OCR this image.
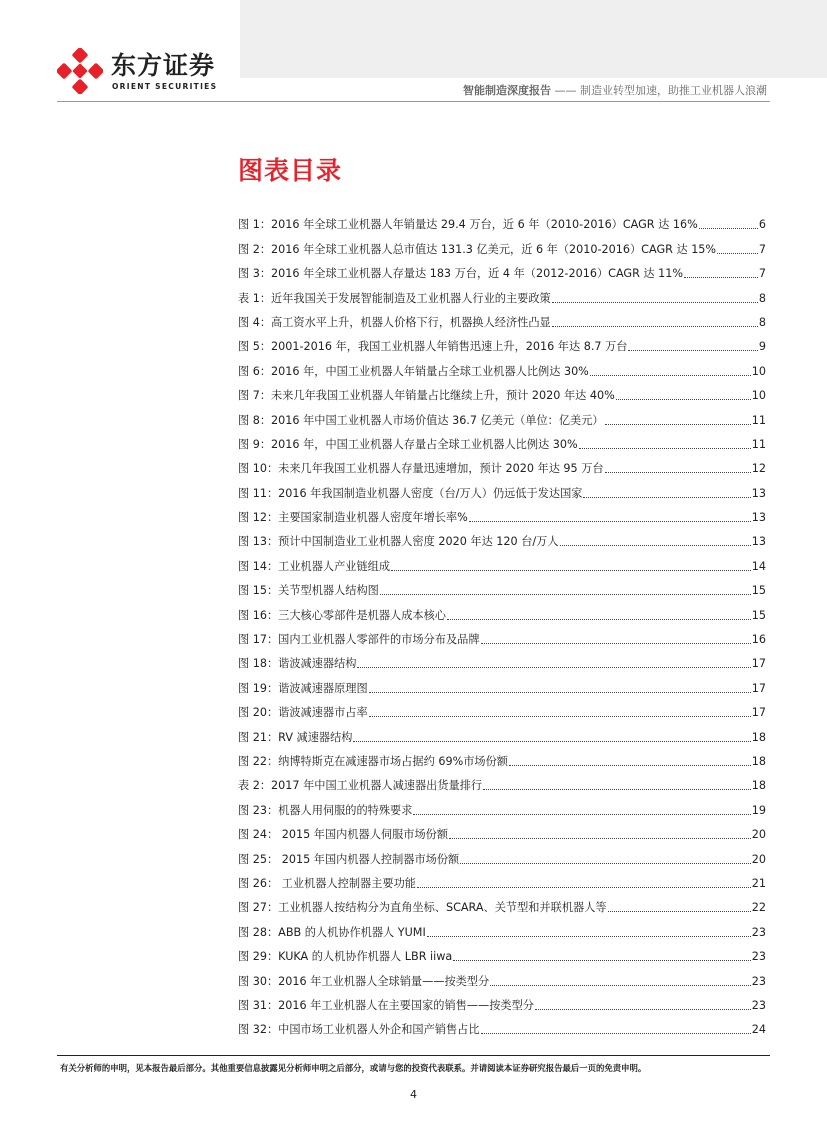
东方证券
ORIENT SECURITIES	智能制造深度报告 —— 制造业转型加速，助推工业机器人浪潮
图表目录
图 1：2016 年全球工业机器人年销量达 29.4 万台，近 6 年（2010-2016）CAGR 达 16%	6
图 2：2016 年全球工业机器人总市值达 131.3 亿美元，近 6 年（2010-2016）CAGR 达 15%	7
图 3：2016 年全球工业机器人存量达 183 万台，近 4 年（2012-2016）CAGR 达 11%	7
表 1：近年我国关于发展智能制造及工业机器人行业的主要政策	8
图 4：高工资水平上升，机器人价格下行，机器换人经济性凸显	8
图 5：2001-2016 年，我国工业机器人年销售迅速上升，2016 年达 8.7 万台	9
图 6：2016 年，中国工业机器人年销量占全球工业机器人比例达 30%	10
图 7：未来几年我国工业机器人年销量占比继续上升，预计 2020 年达 40%	10
图 8：2016 年中国工业机器人市场价值达 36.7 亿美元（单位：亿美元）	11
图 9：2016 年，中国工业机器人存量占全球工业机器人比例达 30%	11
图 10：未来几年我国工业机器人存量迅速增加，预计 2020 年达 95 万台	12
图 11：2016 年我国制造业机器人密度（台/万人）仍远低于发达国家	13
图 12：主要国家制造业机器人密度年增长率%	13
图 13：预计中国制造业工业机器人密度 2020 年达 120 台/万人	13
图 14：工业机器人产业链组成	14
图 15：关节型机器人结构图	15
图 16：三大核心零部件是机器人成本核心	15
图 17：国内工业机器人零部件的市场分布及品牌	16
图 18：谐波减速器结构	17
图 19：谐波减速器原理图	17
图 20：谐波减速器市占率	17
图 21：RV 减速器结构	18
图 22：纳博特斯克在减速器市场占据约 69%市场份额	18
表 2：2017 年中国工业机器人减速器出货量排行	18
图 23：机器人用伺服的的特殊要求	19
图 24： 2015 年国内机器人伺服市场份额	20
图 25： 2015 年国内机器人控制器市场份额	20
图 26： 工业机器人控制器主要功能	21
图 27：工业机器人按结构分为直角坐标、SCARA、关节型和并联机器人等	22
图 28：ABB 的人机协作机器人 YUMI	23
图 29：KUKA 的人机协作机器人 LBR iiwa	23
图 30：2016 年工业机器人全球销量——按类型分	23
图 31：2016 年工业机器人在主要国家的销售——按类型分	23
图 32：中国市场工业机器人外企和国产销售占比	24
有关分析师的申明，见本报告最后部分。其他重要信息披露见分析师申明之后部分，或请与您的投资代表联系。并请阅读本证券研究报告最后一页的免责申明。
4
